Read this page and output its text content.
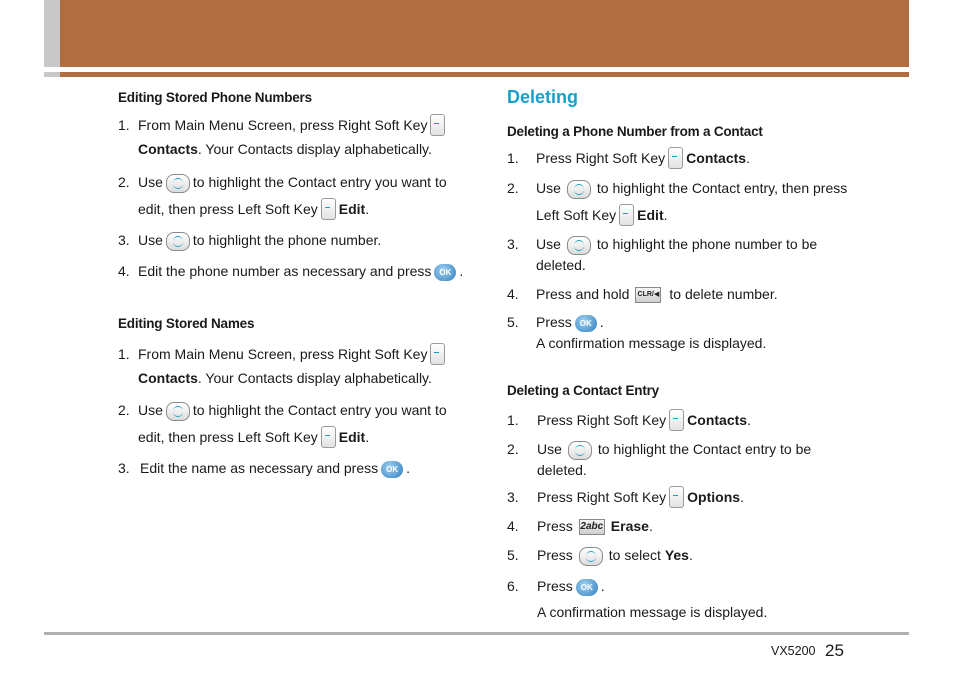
Editing Stored Phone Numbers
1. From Main Menu Screen, press Right Soft Key
Contacts. Your Contacts display alphabetically.
2. Use to highlight the Contact entry you want to
edit, then press Left Soft Key Edit.
3. Use to highlight the phone number.
4. Edit the phone number as necessary and press OK .
Editing Stored Names
1. From Main Menu Screen, press Right Soft Key
Contacts. Your Contacts display alphabetically.
2. Use to highlight the Contact entry you want to
edit, then press Left Soft Key Edit.
3. Edit the name as necessary and press OK .
Deleting
Deleting a Phone Number from a Contact
1. Press Right Soft Key Contacts.
2. Use	to highlight the Contact entry, then press
Left Soft Key Edit.
3. Use	to highlight the phone number to be
deleted.
4. Press and hold CLR/◀ to delete number.
5. Press OK .
A confirmation message is displayed.
Deleting a Contact Entry
1. Press Right Soft Key Contacts.
2. Use	to highlight the Contact entry to be
deleted.
3. Press Right Soft Key Options.
4. Press 2abc Erase.
5. Press	to select Yes.
6. Press OK .
A confirmation message is displayed.
VX5200 25
